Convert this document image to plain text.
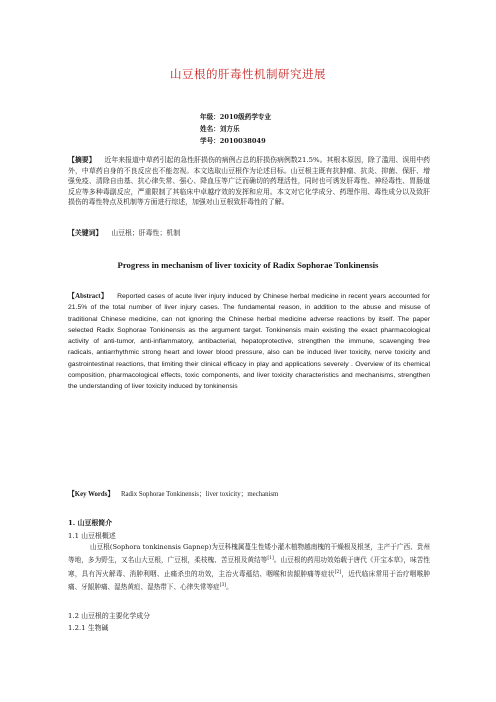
山豆根的肝毒性机制研究进展
年级：2010级药学专业
姓名：刘方乐
学号：2010038049
【摘要】 近年来报道中草药引起的急性肝损伤的病例占总的肝损伤病例数21.5%。其根本原因，除了滥用、误用中药外，中草药自身的不良反应也不能忽视。本文选取山豆根作为论述目标。山豆根主既有抗肿瘤、抗炎、抑菌、保肝、增强免疫、清除自由基、抗心律失常、强心、降血压等广泛而确切的药理活性，同时也可诱发肝毒性、神经毒性、胃肠道反应等多种毒副反应，严重限制了其临床中卓越疗效的发挥和应用。本文对它化学成分、药理作用、毒性成分以及致肝损伤的毒性特点及机制等方面进行综述，加强对山豆根致肝毒性的了解。
【关键词】 山豆根；肝毒性；机制
Progress in mechanism of liver toxicity of Radix Sophorae Tonkinensis
【Abstract】 Reported cases of acute liver injury induced by Chinese herbal medicine in recent years accounted for 21.5% of the total number of liver injury cases. The fundamental reason, in addition to the abuse and misuse of traditional Chinese medicine, can not ignoring the Chinese herbal medicine adverse reactions by itself. The paper selected Radix Sophorae Tonkinensis as the argument target. Tonkinensis main existing the exact pharmacological activity of anti-tumor, anti-inflammatory, antibacterial, hepatoprotective, strengthen the immune, scavenging free radicals, antiarrhythmic strong heart and lower blood pressure, also can be induced liver toxicity, nerve toxicity and gastrointestinal reactions, that limiting their clinical efficacy in play and applications severely . Overview of its chemical composition, pharmacological effects, toxic components, and liver toxicity characteristics and mechanisms, strengthen the understanding of liver toxicity induced by tonkinensis
【Key Words】 Radix Sophorae Tonkinensis；liver toxicity；mechanism
1. 山豆根简介
1.1 山豆根概述
山豆根(Sophora tonkinensis Gapnep)为豆科槐属蔓生性矮小灌木植物越南槐的干燥根及根茎，主产于广西、贵州等地，多为野生，又名山大豆根，广豆根，柔枝槐、苦豆根及黄结等[1]。山豆根的药用功效始载于唐代《开宝本草》，味苦性寒，具有泻火解毒、消肿利咽、止痛杀虫的功效，主治火毒蕴结、咽喉和齿龈肿痛等症状[2]，近代临床常用于治疗咽喉肿痛、牙龈肿痛、湿热黄疸、湿热带下、心律失常等症[3]。
1.2 山豆根的主要化学成分
1.2.1 生物碱
